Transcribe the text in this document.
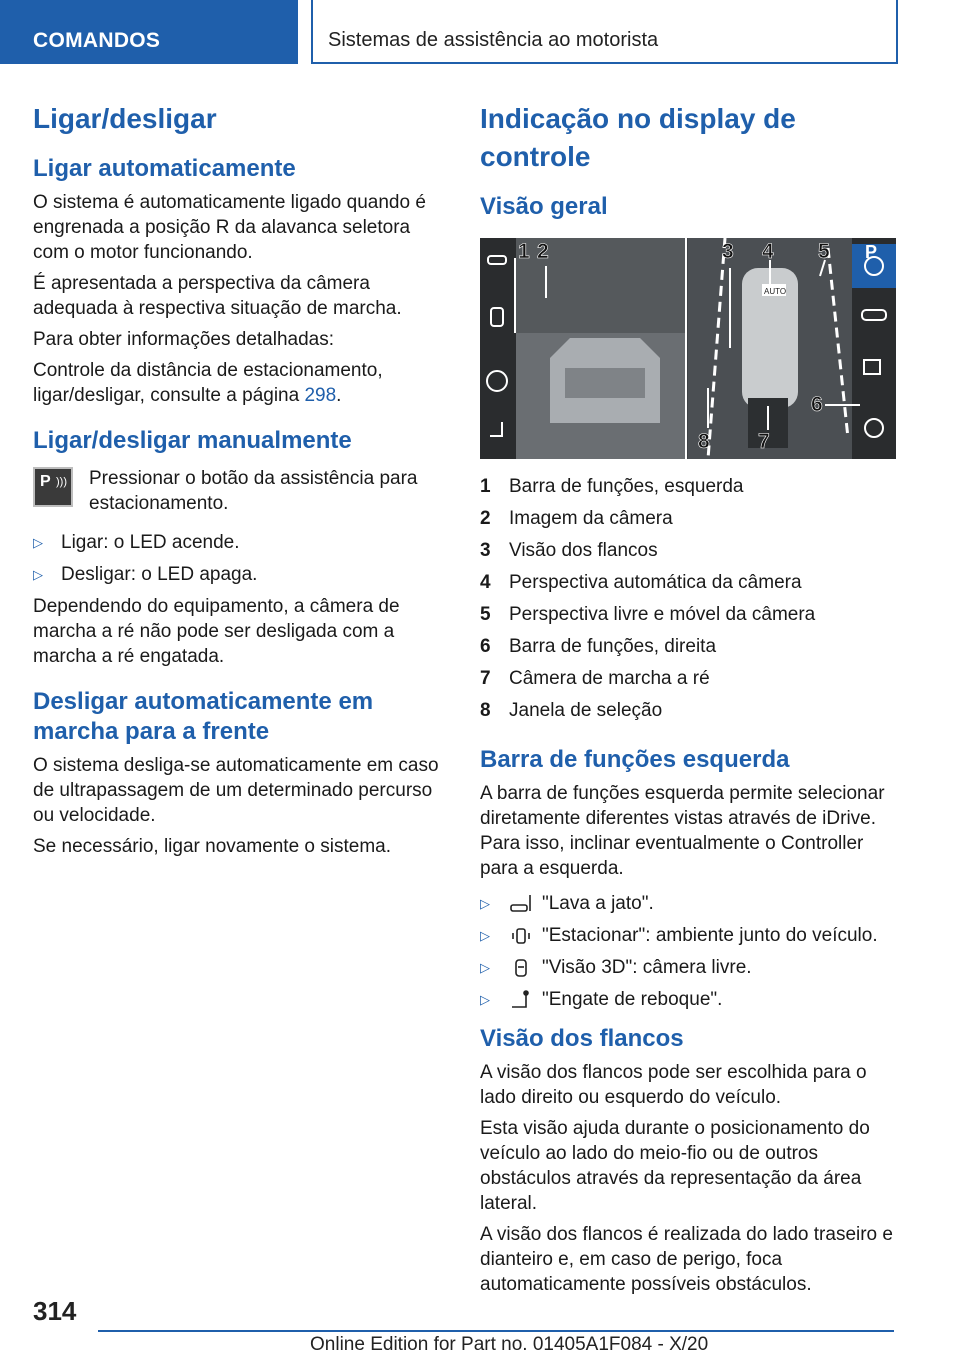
COMANDOS	Sistemas de assistência ao motorista
Ligar/desligar
Ligar automaticamente

O sistema é automaticamente ligado quando é engrenada a posição R da alavanca seletora com o motor funcionando.

É apresentada a perspectiva da câmera adequada à respectiva situação de marcha.

Para obter informações detalhadas:

Controle da distância de estacionamento, ligar/desligar, consulte a página 298.

Ligar/desligar manualmente
P ))) Pressionar o botão da assistência para estacionamento.

▷ Ligar: o LED acende.
▷ Desligar: o LED apaga.

Dependendo do equipamento, a câmera de marcha a ré não pode ser desligada com a marcha a ré engatada.

Desligar automaticamente em marcha para a frente

O sistema desliga-se automaticamente em caso de ultrapassagem de um determinado percurso ou velocidade.

Se necessário, ligar novamente o sistema.

Indicação no display de controle
Visão geral
P
AUTO
1 2	3 4 5
6
7
8
1 Barra de funções, esquerda
2 Imagem da câmera
3 Visão dos flancos
4 Perspectiva automática da câmera
5 Perspectiva livre e móvel da câmera
6 Barra de funções, direita
7 Câmera de marcha a ré
8 Janela de seleção
Barra de funções esquerda

A barra de funções esquerda permite selecionar diretamente diferentes vistas através de iDrive. Para isso, inclinar eventualmente o Controller para a esquerda.

▷	"Lava a jato".
▷	"Estacionar": ambiente junto do veículo.
▷	"Visão 3D": câmera livre.
▷	"Engate de reboque".
Visão dos flancos

A visão dos flancos pode ser escolhida para o lado direito ou esquerdo do veículo.

Esta visão ajuda durante o posicionamento do veículo ao lado do meio-fio ou de outros obstáculos através da representação da área lateral.

A visão dos flancos é realizada do lado traseiro e dianteiro e, em caso de perigo, foca automaticamente possíveis obstáculos.

314
Online Edition for Part no. 01405A1F084 - X/20
